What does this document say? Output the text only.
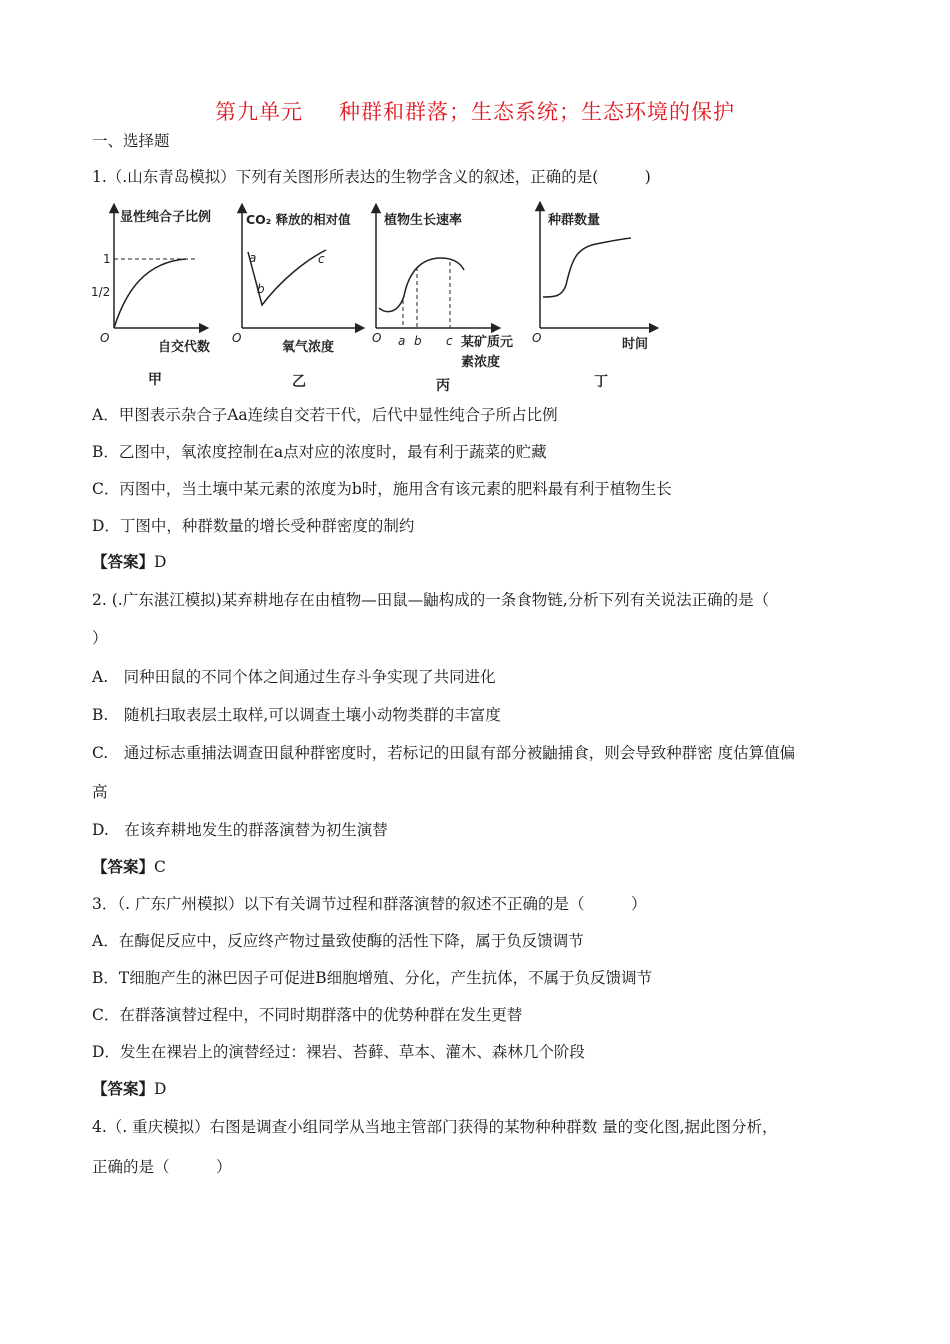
第九单元 种群和群落；生态系统；生态环境的保护
一、选择题
1.（.山东青岛模拟）下列有关图形所表达的生物学含义的叙述，正确的是(　　　)
显性纯合子比例
1
1/2
O
自交代数
甲
CO₂ 释放的相对值
a
b
c
O
氧气浓度
乙
植物生长速率
O a b c 某矿质元
素浓度
丙
种群数量
O	时间
丁
A．甲图表示杂合子Aa连续自交若干代，后代中显性纯合子所占比例
B．乙图中，氧浓度控制在a点对应的浓度时，最有利于蔬菜的贮藏
C．丙图中，当土壤中某元素的浓度为b时，施用含有该元素的肥料最有利于植物生长
D．丁图中，种群数量的增长受种群密度的制约
【答案】D
2. (.广东湛江模拟)某弃耕地存在由植物—田鼠—鼬构成的一条食物链,分析下列有关说法正确的是（
）
A.　同种田鼠的不同个体之间通过生存斗争实现了共同进化
B.　随机扫取表层土取样,可以调查土壤小动物类群的丰富度
C.　通过标志重捕法调查田鼠种群密度时，若标记的田鼠有部分被鼬捕食，则会导致种群密 度估算值偏
高
D.　在该弃耕地发生的群落演替为初生演替
【答案】C
3．（. 广东广州模拟）以下有关调节过程和群落演替的叙述不正确的是（　　　）
A．在酶促反应中，反应终产物过量致使酶的活性下降，属于负反馈调节
B．T细胞产生的淋巴因子可促进B细胞增殖、分化，产生抗体，不属于负反馈调节
C．在群落演替过程中，不同时期群落中的优势种群在发生更替
D．发生在裸岩上的演替经过：裸岩、苔藓、草本、灌木、森林几个阶段
【答案】D
4.（. 重庆模拟）右图是调查小组同学从当地主管部门获得的某物种种群数 量的变化图,据此图分析，
正确的是（　　　）
